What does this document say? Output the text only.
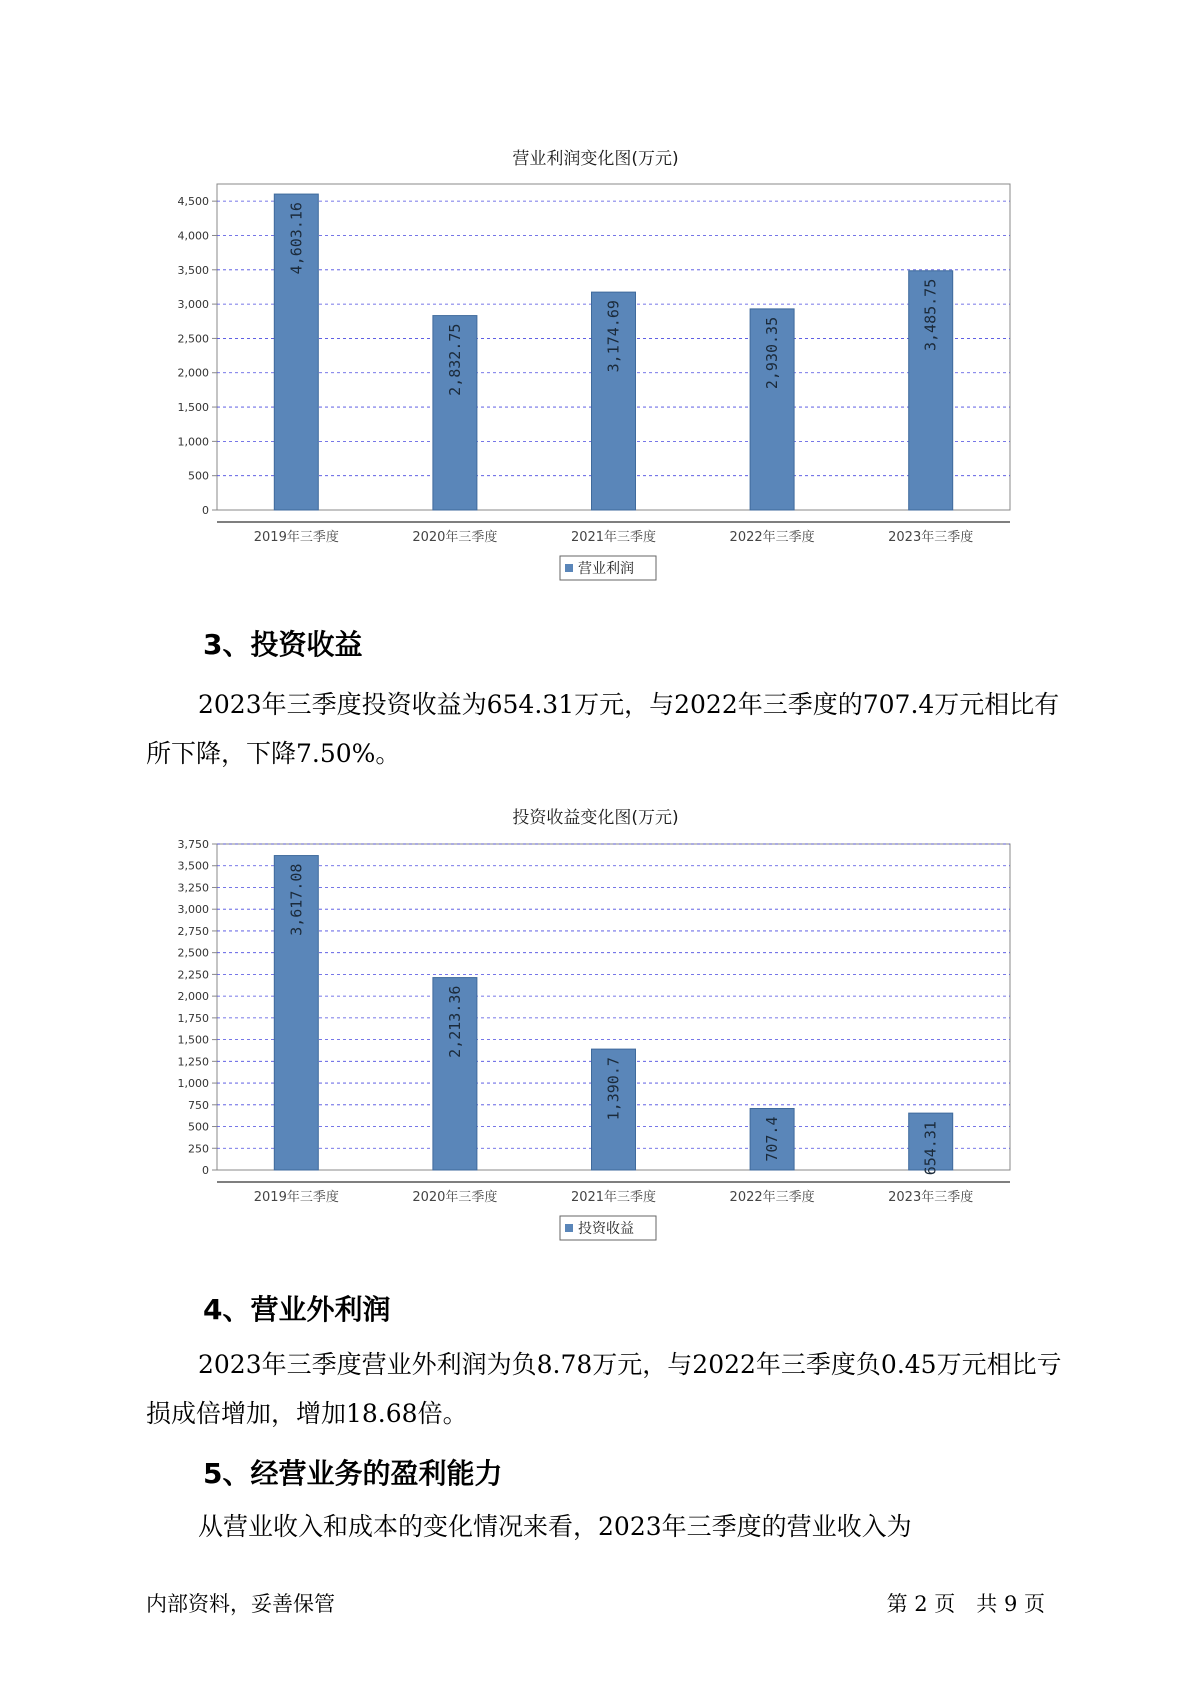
营业利润变化图(万元)
0
500
1,000
1,500
2,000
2,500
3,000
3,500
4,000
4,500
4,603.16
2019年三季度
2,832.75
2020年三季度
3,174.69
2021年三季度
2,930.35
2022年三季度
3,485.75
2023年三季度
营业利润
3、投资收益

2023年三季度投资收益为654.31万元，与2022年三季度的707.4万元相比有所下降，下降7.50%。

投资收益变化图(万元)
0
250
500
750
1,000
1,250
1,500
1,750
2,000
2,250
2,500
2,750
3,000
3,250
3,500
3,750
3,617.08
2019年三季度
2,213.36
2020年三季度
1,390.7
2021年三季度
707.4
2022年三季度
654.31
2023年三季度
投资收益
4、营业外利润

2023年三季度营业外利润为负8.78万元，与2022年三季度负0.45万元相比亏损成倍增加，增加18.68倍。

5、经营业务的盈利能力

从营业收入和成本的变化情况来看，2023年三季度的营业收入为

内部资料，妥善保管	第 2 页　共 9 页
